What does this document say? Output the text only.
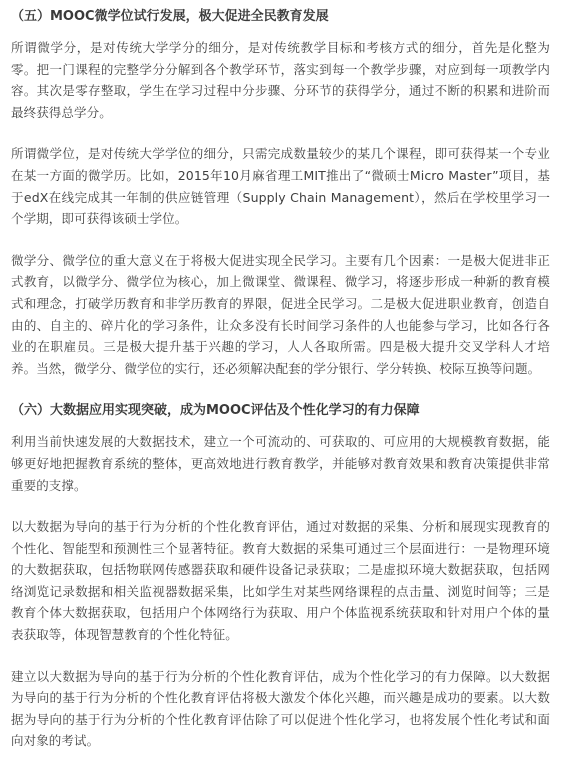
（五）MOOC微学位试行发展，极大促进全民教育发展

所谓微学分，是对传统大学学分的细分，是对传统教学目标和考核方式的细分，首先是化整为零。把一门课程的完整学分分解到各个教学环节，落实到每一个教学步骤，对应到每一项教学内容。其次是零存整取，学生在学习过程中分步骤、分环节的获得学分，通过不断的积累和进阶而最终获得总学分。

所谓微学位，是对传统大学学位的细分，只需完成数量较少的某几个课程，即可获得某一个专业在某一方面的微学历。比如，2015年10月麻省理工MIT推出了“微硕士Micro Master”项目，基于edX在线完成其一年制的供应链管理（Supply Chain Management），然后在学校里学习一个学期，即可获得该硕士学位。

微学分、微学位的重大意义在于将极大促进实现全民学习。主要有几个因素：一是极大促进非正式教育，以微学分、微学位为核心，加上微课堂、微课程、微学习，将逐步形成一种新的教育模式和理念，打破学历教育和非学历教育的界限，促进全民学习。二是极大促进职业教育，创造自由的、自主的、碎片化的学习条件，让众多没有长时间学习条件的人也能参与学习，比如各行各业的在职雇员。三是极大提升基于兴趣的学习，人人各取所需。四是极大提升交叉学科人才培养。当然，微学分、微学位的实行，还必须解决配套的学分银行、学分转换、校际互换等问题。

（六）大数据应用实现突破，成为MOOC评估及个性化学习的有力保障

利用当前快速发展的大数据技术，建立一个可流动的、可获取的、可应用的大规模教育数据，能够更好地把握教育系统的整体，更高效地进行教育教学，并能够对教育效果和教育决策提供非常重要的支撑。

以大数据为导向的基于行为分析的个性化教育评估，通过对数据的采集、分析和展现实现教育的个性化、智能型和预测性三个显著特征。教育大数据的采集可通过三个层面进行：一是物理环境的大数据获取，包括物联网传感器获取和硬件设备记录获取；二是虚拟环境大数据获取，包括网络浏览记录数据和相关监视器数据采集，比如学生对某些网络课程的点击量、浏览时间等；三是教育个体大数据获取，包括用户个体网络行为获取、用户个体监视系统获取和针对用户个体的量表获取等，体现智慧教育的个性化特征。

建立以大数据为导向的基于行为分析的个性化教育评估，成为个性化学习的有力保障。以大数据为导向的基于行为分析的个性化教育评估将极大激发个体化兴趣，而兴趣是成功的要素。以大数据为导向的基于行为分析的个性化教育评估除了可以促进个性化学习，也将发展个性化考试和面向对象的考试。
